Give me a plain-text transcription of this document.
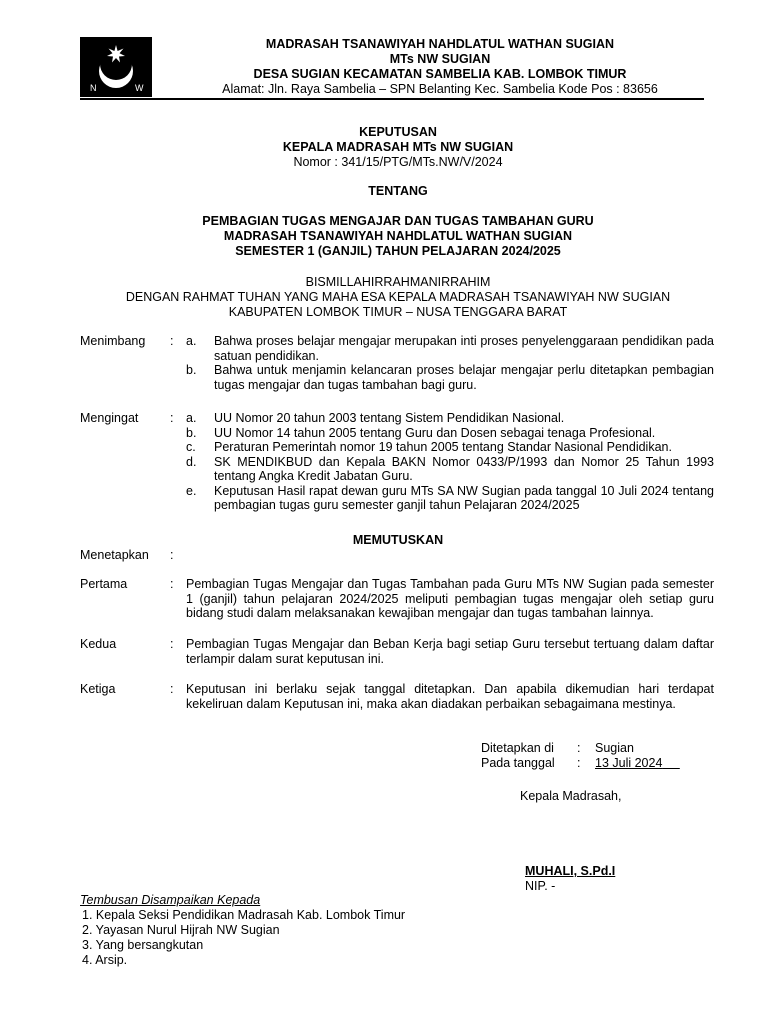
N	W
MADRASAH TSANAWIYAH NAHDLATUL WATHAN SUGIAN
MTs NW SUGIAN
DESA SUGIAN KECAMATAN SAMBELIA KAB. LOMBOK TIMUR
Alamat: Jln. Raya Sambelia – SPN Belanting Kec. Sambelia Kode Pos : 83656
KEPUTUSAN
KEPALA MADRASAH MTs NW SUGIAN
Nomor : 341/15/PTG/MTs.NW/V/2024
TENTANG
PEMBAGIAN TUGAS MENGAJAR DAN TUGAS TAMBAHAN GURU
MADRASAH TSANAWIYAH NAHDLATUL WATHAN SUGIAN
SEMESTER 1 (GANJIL) TAHUN PELAJARAN 2024/2025
BISMILLAHIRRAHMANIRRAHIM
DENGAN RAHMAT TUHAN YANG MAHA ESA KEPALA MADRASAH TSANAWIYAH NW SUGIAN
KABUPATEN LOMBOK TIMUR – NUSA TENGGARA BARAT
Menimbang : a. Bahwa proses belajar mengajar merupakan inti proses penyelenggaraan pendidikan pada satuan pendidikan.
b. Bahwa untuk menjamin kelancaran proses belajar mengajar perlu ditetapkan pembagian tugas mengajar dan tugas tambahan bagi guru.
Mengingat	: a. UU Nomor 20 tahun 2003 tentang Sistem Pendidikan Nasional.
b. UU Nomor 14 tahun 2005 tentang Guru dan Dosen sebagai tenaga Profesional.
c. Peraturan Pemerintah nomor 19 tahun 2005 tentang Standar Nasional Pendidikan.
d. SK MENDIKBUD dan Kepala BAKN Nomor 0433/P/1993 dan Nomor 25 Tahun 1993 tentang Angka Kredit Jabatan Guru.
e. Keputusan Hasil rapat dewan guru MTs SA NW Sugian pada tanggal 10 Juli 2024 tentang pembagian tugas guru semester ganjil tahun Pelajaran 2024/2025
MEMUTUSKAN
Menetapkan :
Pertama	: Pembagian Tugas Mengajar dan Tugas Tambahan pada Guru MTs NW Sugian pada semester 1 (ganjil) tahun pelajaran 2024/2025 meliputi pembagian tugas mengajar oleh setiap guru bidang studi dalam melaksanakan kewajiban mengajar dan tugas tambahan lainnya.
Kedua	: Pembagian Tugas Mengajar dan Beban Kerja bagi setiap Guru tersebut tertuang dalam daftar terlampir dalam surat keputusan ini.
Ketiga	: Keputusan ini berlaku sejak tanggal ditetapkan. Dan apabila dikemudian hari terdapat kekeliruan dalam Keputusan ini, maka akan diadakan perbaikan sebagaimana mestinya.
Ditetapkan di : Sugian
Pada tanggal : 13 Juli 2024
Kepala Madrasah,
MUHALI, S.Pd.I
NIP. -
Tembusan Disampaikan Kepada
1. Kepala Seksi Pendidikan Madrasah Kab. Lombok Timur
2. Yayasan Nurul Hijrah NW Sugian
3. Yang bersangkutan
4. Arsip.
